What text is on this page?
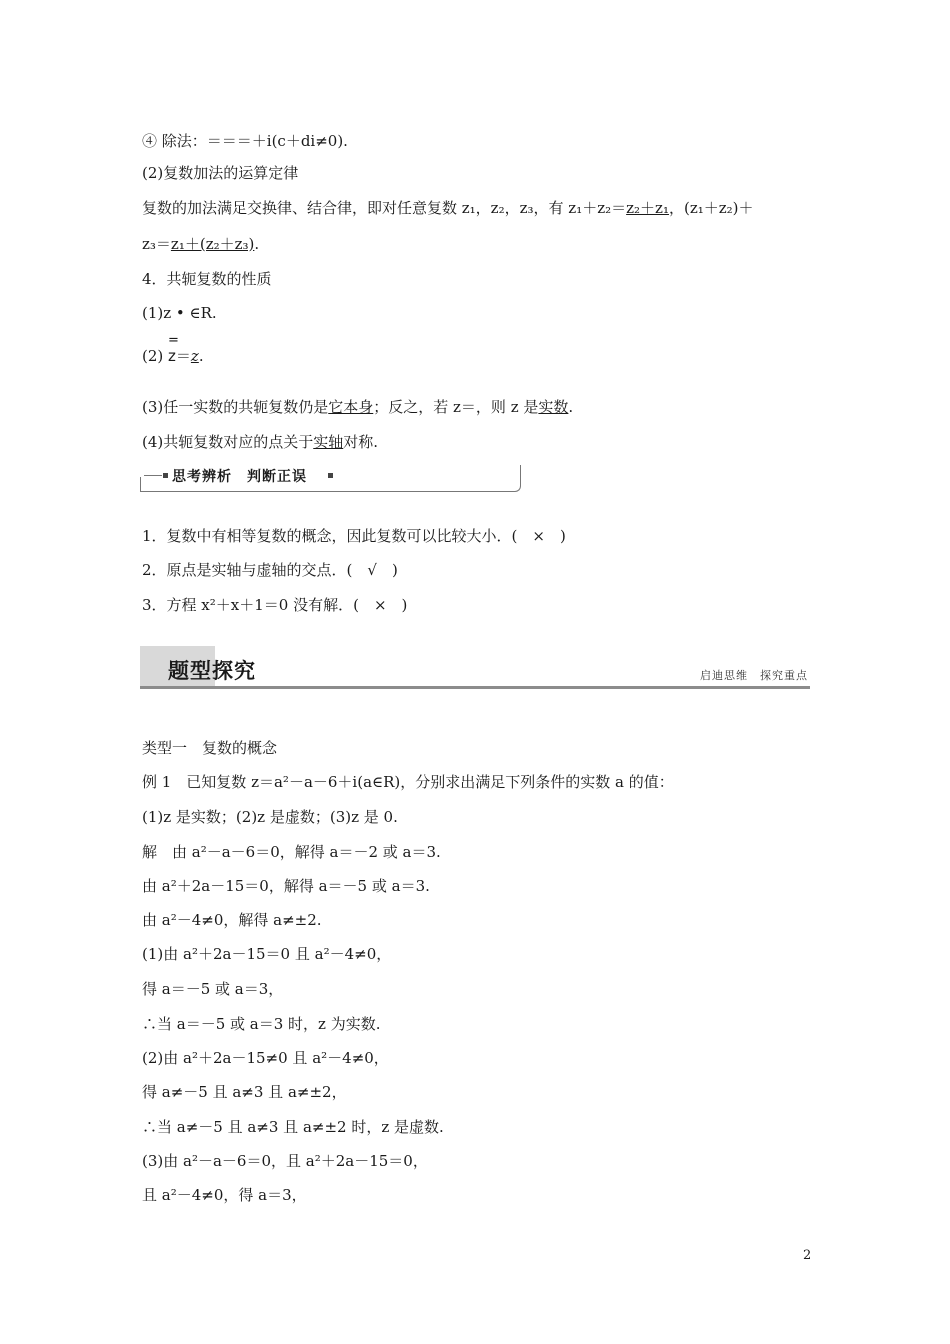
④ 除法：＝＝＝＋i(c＋di≠0).
(2)复数加法的运算定律
复数的加法满足交换律、结合律，即对任意复数 z₁，z₂，z₃，有 z₁＋z₂＝z₂＋z₁，(z₁＋z₂)＋
z₃＝z₁＋(z₂＋z₃).
4．共轭复数的性质
(1)z • ∈R.
(2)
=
z＝z.
(3)任一实数的共轭复数仍是它本身；反之，若 z＝，则 z 是实数.
(4)共轭复数对应的点关于实轴对称.
思考辨析　判断正误
1．复数中有相等复数的概念，因此复数可以比较大小．(　×　)
2．原点是实轴与虚轴的交点．(　√　)
3．方程 x²＋x＋1＝0 没有解．(　×　)
题型探究	启迪思维　探究重点
类型一　复数的概念
例 1　已知复数 z＝a²－a－6＋i(a∈R)，分别求出满足下列条件的实数 a 的值：
(1)z 是实数；(2)z 是虚数；(3)z 是 0.
解　由 a²－a－6＝0，解得 a＝－2 或 a＝3.
由 a²＋2a－15＝0，解得 a＝－5 或 a＝3.
由 a²－4≠0，解得 a≠±2.
(1)由 a²＋2a－15＝0 且 a²－4≠0，
得 a＝－5 或 a＝3，
∴当 a＝－5 或 a＝3 时，z 为实数.
(2)由 a²＋2a－15≠0 且 a²－4≠0，
得 a≠－5 且 a≠3 且 a≠±2，
∴当 a≠－5 且 a≠3 且 a≠±2 时，z 是虚数.
(3)由 a²－a－6＝0，且 a²＋2a－15＝0，
且 a²－4≠0，得 a＝3，
2
